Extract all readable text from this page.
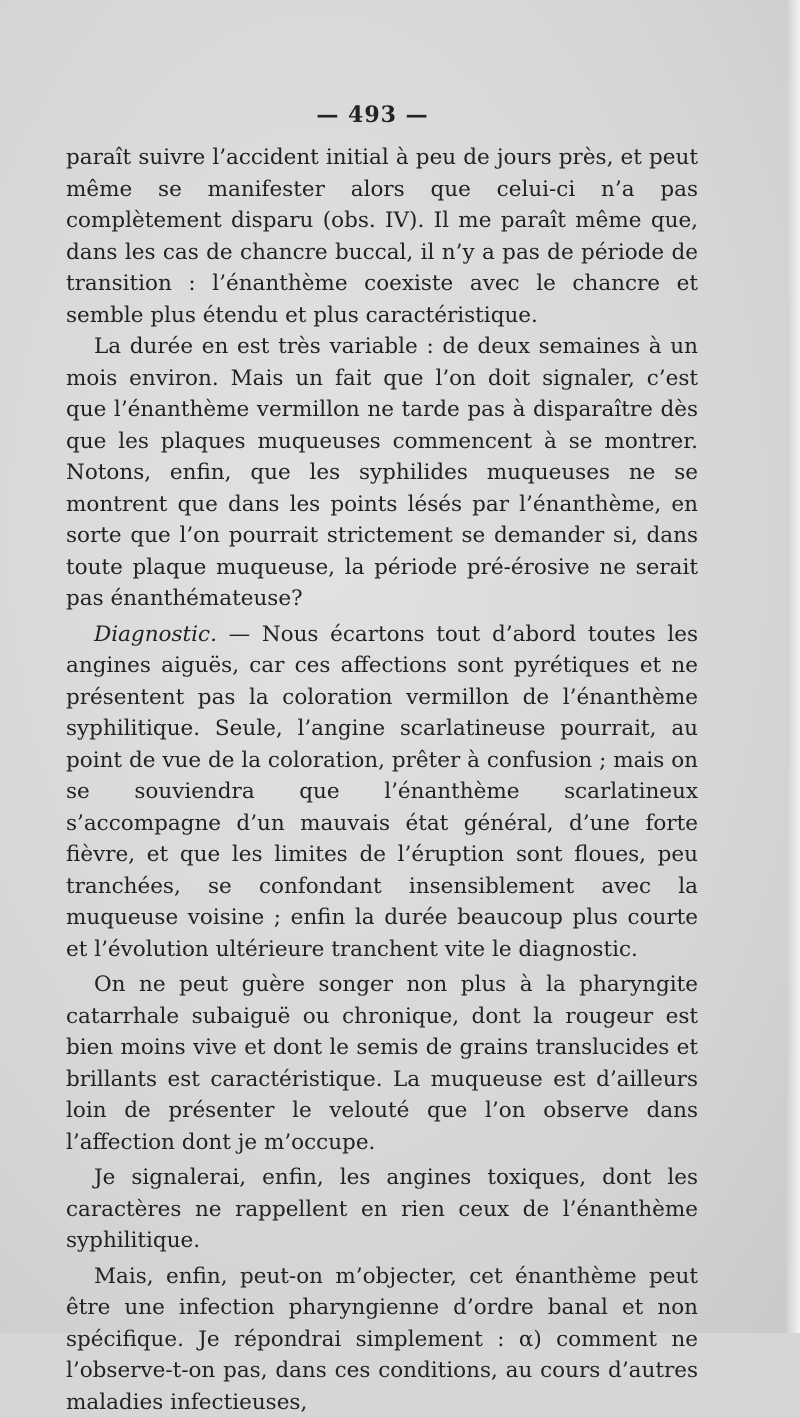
— 493 —

paraît suivre l’accident initial à peu de jours près, et peut même se manifester alors que celui-ci n’a pas complètement disparu (obs. IV). Il me paraît même que, dans les cas de chancre buccal, il n’y a pas de période de transition : l’énanthème coexiste avec le chancre et semble plus étendu et plus caractéristique.

La durée en est très variable : de deux semaines à un mois environ. Mais un fait que l’on doit signaler, c’est que l’énanthème vermillon ne tarde pas à disparaître dès que les plaques muqueuses commencent à se montrer. Notons, enfin, que les syphilides muqueuses ne se montrent que dans les points lésés par l’énanthème, en sorte que l’on pourrait strictement se demander si, dans toute plaque muqueuse, la période pré-érosive ne serait pas énanthémateuse?

Diagnostic. — Nous écartons tout d’abord toutes les angines aiguës, car ces affections sont pyrétiques et ne présentent pas la coloration vermillon de l’énanthème syphilitique. Seule, l’angine scarlatineuse pourrait, au point de vue de la coloration, prêter à confusion ; mais on se souviendra que l’énanthème scarlatineux s’accompagne d’un mauvais état général, d’une forte fièvre, et que les limites de l’éruption sont floues, peu tranchées, se confondant insensiblement avec la muqueuse voisine ; enfin la durée beaucoup plus courte et l’évolution ultérieure tranchent vite le diagnostic.

On ne peut guère songer non plus à la pharyngite catarrhale subaiguë ou chronique, dont la rougeur est bien moins vive et dont le semis de grains translucides et brillants est caractéristique. La muqueuse est d’ailleurs loin de présenter le velouté que l’on observe dans l’affection dont je m’occupe.

Je signalerai, enfin, les angines toxiques, dont les caractères ne rappellent en rien ceux de l’énanthème syphilitique.

Mais, enfin, peut-on m’objecter, cet énanthème peut être une infection pharyngienne d’ordre banal et non spécifique. Je répondrai simplement : α) comment ne l’observe-t-on pas, dans ces conditions, au cours d’autres maladies infectieuses,
